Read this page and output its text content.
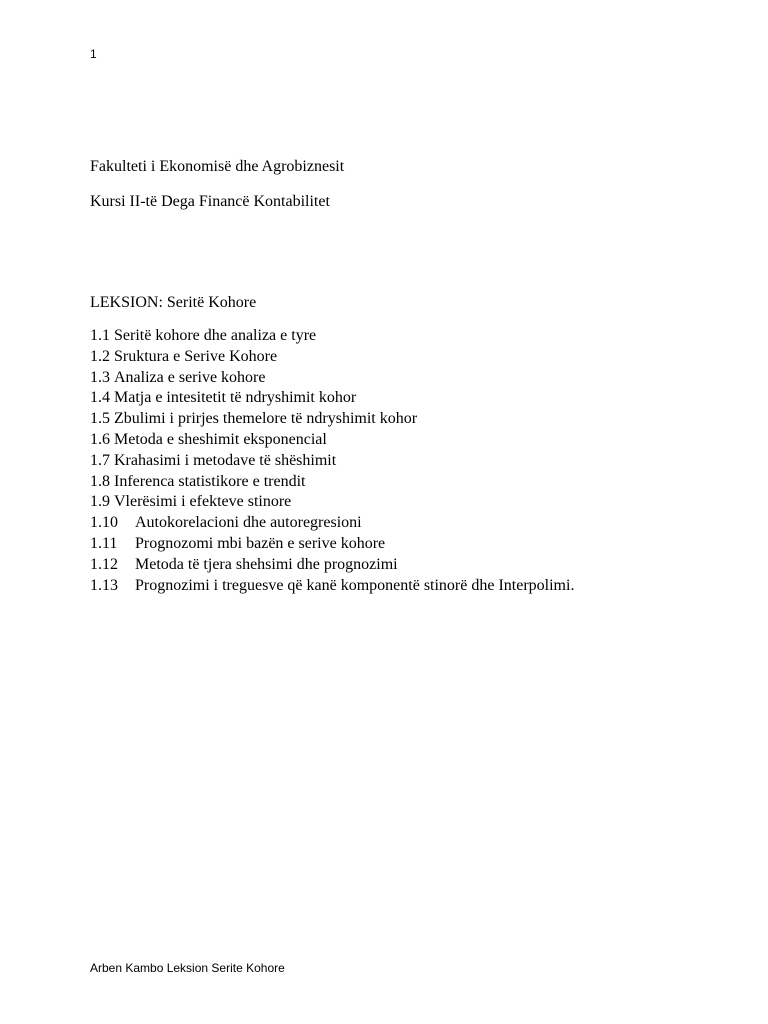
1
Fakulteti i Ekonomisë dhe Agrobiznesit
Kursi II-të Dega Financë Kontabilitet
LEKSION: Seritë Kohore
1.1 Seritë kohore dhe analiza e tyre
1.2 Sruktura e Serive Kohore
1.3 Analiza e serive kohore
1.4 Matja e intesitetit të ndryshimit kohor
1.5 Zbulimi i prirjes themelore të ndryshimit kohor
1.6 Metoda e sheshimit eksponencial
1.7 Krahasimi i metodave të shëshimit
1.8 Inferenca statistikore e trendit
1.9 Vlerësimi i efekteve stinore
1.10	Autokorelacioni dhe autoregresioni
1.11	Prognozomi mbi bazën e serive kohore
1.12	Metoda të tjera shehsimi dhe prognozimi
1.13	Prognozimi i treguesve që kanë komponentë stinorë dhe Interpolimi.
Arben Kambo Leksion Serite Kohore
